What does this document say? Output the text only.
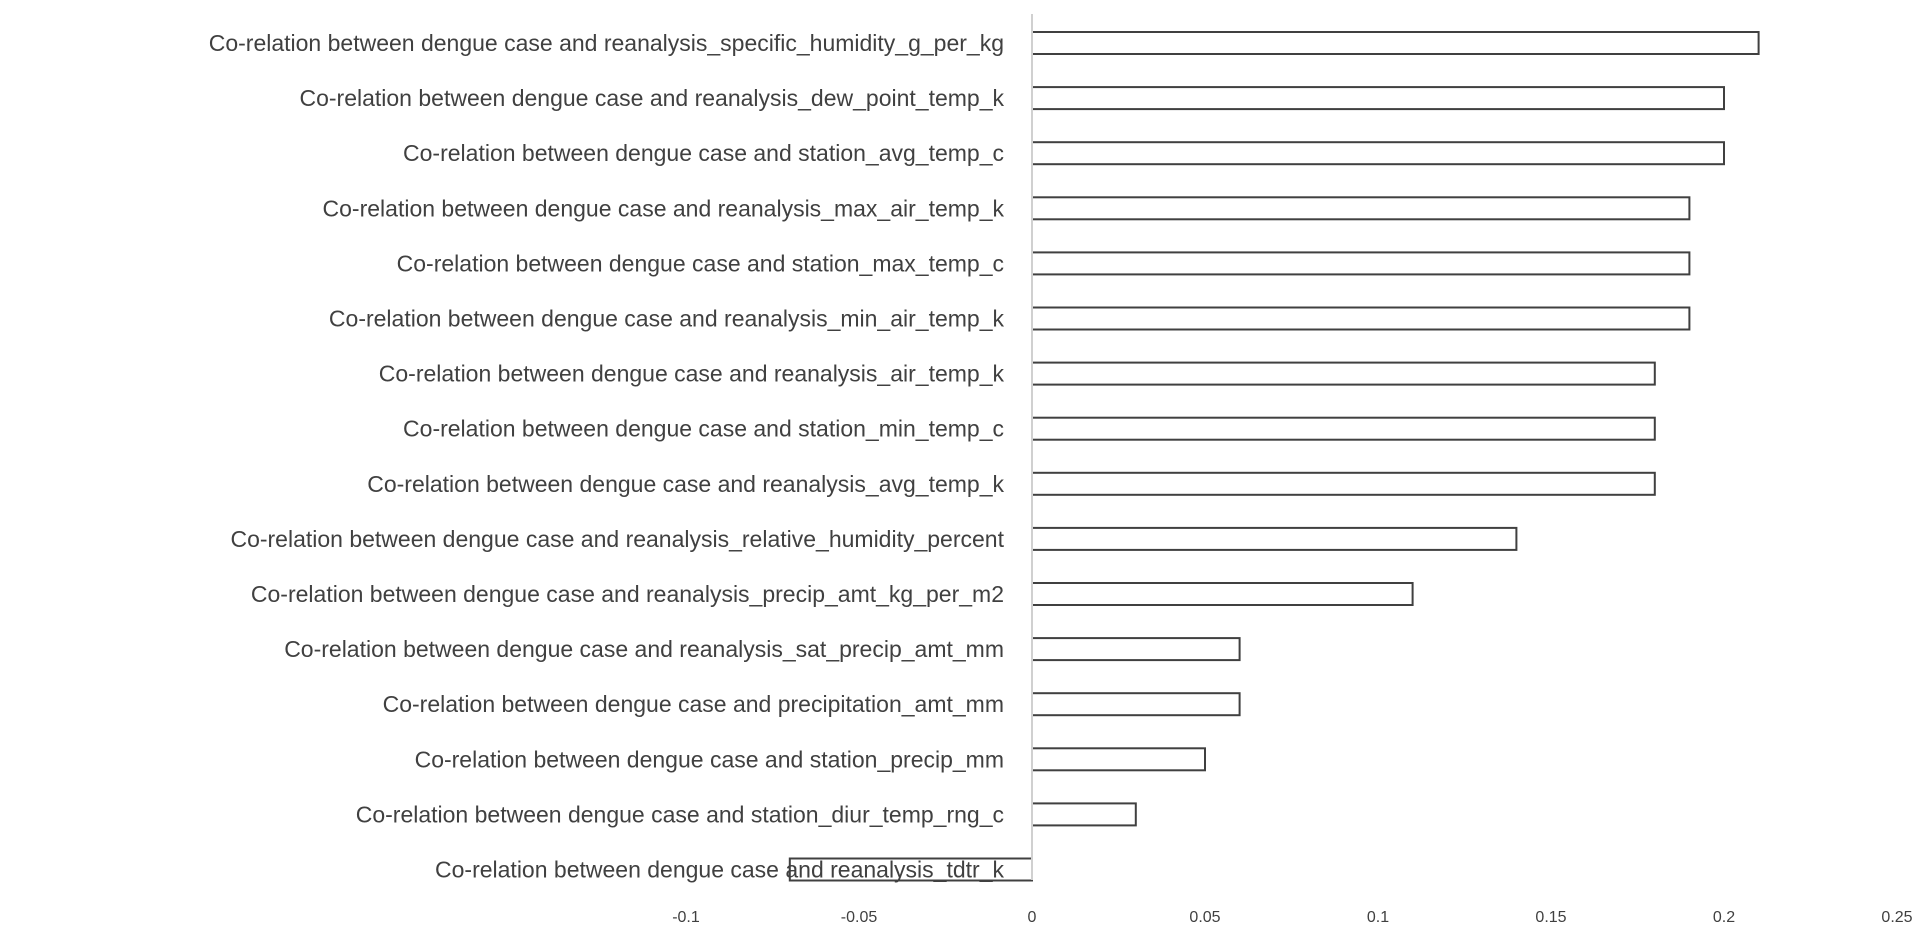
Co-relation between dengue case and reanalysis_specific_humidity_g_per_kg
Co-relation between dengue case and reanalysis_dew_point_temp_k
Co-relation between dengue case and station_avg_temp_c
Co-relation between dengue case and reanalysis_max_air_temp_k
Co-relation between dengue case and station_max_temp_c
Co-relation between dengue case and reanalysis_min_air_temp_k
Co-relation between dengue case and reanalysis_air_temp_k
Co-relation between dengue case and station_min_temp_c
Co-relation between dengue case and reanalysis_avg_temp_k
Co-relation between dengue case and reanalysis_relative_humidity_percent
Co-relation between dengue case and reanalysis_precip_amt_kg_per_m2
Co-relation between dengue case and reanalysis_sat_precip_amt_mm
Co-relation between dengue case and precipitation_amt_mm
Co-relation between dengue case and station_precip_mm
Co-relation between dengue case and station_diur_temp_rng_c
Co-relation between dengue case and reanalysis_tdtr_k
-0.1	-0.05	0	0.05	0.1	0.15	0.2	0.25
